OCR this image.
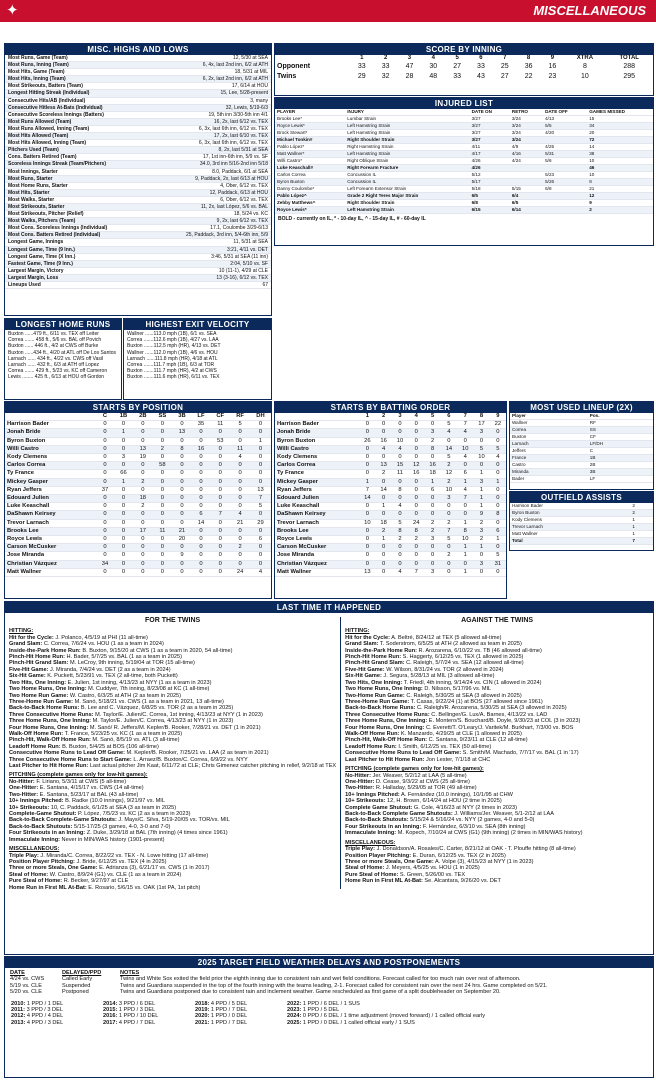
✦	MISCELLANEOUS
MISC. HIGHS AND LOWS
Most Runs, Game (Team)	12, 5/30 at SEA
Most Runs, Inning (Team)	6, 4x, last 2nd inn, 6/2 at ATH
Most Hits, Game (Team)	18, 5/31 at MIL
Most Hits, Inning (Team)	6, 2x, last 2nd inn, 6/2 at ATH
Most Strikeouts, Batters (Team)	17, 6/14 at HOU
Longest Hitting Streak (Individual)	15, Lee, 5/28-present
Consecutive Hits/AB (Individual)	3, many
Consecutive Hitless At-Bats (Individual)	32, Lewis, 5/19-6/3
Consecutive Scoreless Innings (Batters)	19, 5th inn 3/30-5th inn 4/1
Most Runs Allowed (Team)	16, 2x, last 6/12 vs. TEX
Most Runs Allowed, Inning (Team)	6, 3x, last 6th inn, 6/12 vs. TEX
Most Hits Allowed (Team)	17, 2x, last 6/10 vs. TEX
Most Hits Allowed, Inning (Team)	6, 3x, last 6th inn, 6/12 vs. TEX
Pitchers Used (Team)	8, 2x, last 5/31 at SEA
Cons. Batters Retired (Team)	17, 1st inn-6th inn, 5/9 vs. SF
Scoreless Innings Streak (Team/Pitchers)	34.0, 3rd inn 5/16-2nd inn 5/18
Most Innings, Starter	8.0, Paddack, 6/1 at SEA
Most Runs, Starter	9, Paddack, 2x, last 6/13 at HOU
Most Home Runs, Starter	4, Ober, 6/12 vs. TEX
Most Hits, Starter	12, Paddack, 6/13 at HOU
Most Walks, Starter	6, Ober, 6/12 vs. TEX
Most Strikeouts, Starter	11, 2x, last López, 5/6 vs. BAL
Most Strikeouts, Pitcher (Relief)	18, 5/24 vs. KC
Most Walks, Pitchers (Team)	9, 2x, last 6/12 vs. TEX
Most Cons. Scoreless Innings (Individual)	17.1, Coulombe 3/29-6/13
Most Cons. Batters Retired (Individual)	25, Paddack, 3rd inn, 5/4-6th inn, 5/9
Longest Game, Innings	11, 5/31 at SEA
Longest Game, Time (9 Inn.)	3:21, 4/11 vs. DET
Longest Game, Time (X Inn.)	3:46, 5/31 at SEA (11 inn)
Fastest Game, Time (9 Inn.)	2:04, 5/10 vs. SF
Largest Margin, Victory	10 (11-1), 4/29 at CLE
Largest Margin, Loss	13 (3-16), 6/12 vs. TEX
Lineups Used	67
SCORE BY INNING
	1	2	3	4	5	6	7	8	9	XTRA	TOTAL
Opponent	33	33	47	30	27	33	25	36	16	8	288
Twins	29	32	28	48	33	43	27	22	23	10	295
INJURED LIST
PLAYER	INJURY	DATE ON	RETRO	DATE OFF	GAMES MISSED
Brooks Lee*	Lumbar Strain	3/27	3/24	4/13	15
Royce Lewis*	Left Hamstring Strain	3/27	3/24	5/5	34
Brock Stewart*	Left Hamstring Strain	3/27	3/24	4/20	20
Michael Tonkin#	Right Shoulder Strain	3/27	3/24		72
Pablo López*	Right Hamstring Strain	4/11	4/9	4/25	14
Matt Wallner*	Left Hamstring Strain	4/17	4/16	5/31	38
Willi Castro*	Right Oblique Strain	4/26	4/24	5/6	10
Luke Keaschall#	Right Forearm Fracture	4/26			46
Carlos Correa	Concussion IL	5/12		5/23	10
Byron Buxton	Concussion IL	5/17		5/26	8
Danny Coulombe*	Left Forearm Extensor Strain	5/18	5/15	6/8	21
Pablo López^	Grade 2 Right Teres Major Strain	6/5	6/4		12
Zebby Matthews^	Right Shoulder Strain	6/8	6/5		9
Royce Lewis*	Left Hamstring Strain	6/15	6/14		2
BOLD - currently on IL, * - 10-day IL, ^ - 15-day IL, # - 60-day IL
LONGEST HOME RUNS
Buxton ......479 ft., 6/11 vs. TEX off Leiter
Correa ....... 458 ft., 5/6 vs. BAL off Povich
Buxton ...... 446 ft., 4/2 at CWS off Burke
Buxton ......434 ft., 4/20 at ATL off De Los Santos
Larnach ...... 434 ft., 4/22 vs. CWS off Vasil
Larnach ...... 432 ft., 6/3 at ATH off Lopez
Correa ....... 429 ft., 5/23 vs. KC off Cameron
Lewis ........ 425 ft., 6/13 at HOU off Gordon
HIGHEST EXIT VELOCITY
Wallner ......113.0 mph (1B), 6/1 vs. SEA
Correa .......112.6 mph (1B), 4/27 vs. LAA
Buxton .......112.5 mph (HR), 4/13 vs. DET
Wallner ......112.0 mph (1B), 4/6 vs. HOU
Larnach ......111.8 mph (HR), 4/18 at ATL
Correa .......111.7 mph (1B), 6/3 at TOR
Buxton .......111.7 mph (HR), 4/2 at CWS
Buxton .......111.6 mph (HR), 6/11 vs. TEX
STARTS BY POSITION
	C	1B	2B	SS	3B	LF	CF	RF	DH
Harrison Bader	0	0	0	0	0	35	11	5	0
Jonah Bride	0	1	0	0	13	0	0	0	0
Byron Buxton	0	0	0	0	0	0	53	0	1
Willi Castro	0	0	13	2	8	16	0	11	0
Kody Clemens	0	3	19	0	0	0	0	4	0
Carlos Correa	0	0	0	58	0	0	0	0	0
Ty France	0	66	0	0	0	0	0	0	0
Mickey Gasper	0	1	2	0	0	0	0	0	0
Ryan Jeffers	37	0	0	0	0	0	0	0	13
Edouard Julien	0	0	18	0	0	0	0	0	7
Luke Keaschall	0	0	2	0	0	0	0	0	5
DaShawn Keirsey	0	0	0	0	0	6	7	4	0
Trevor Larnach	0	0	0	0	0	14	0	21	29
Brooks Lee	0	0	17	11	21	0	0	0	0
Royce Lewis	0	0	0	0	20	0	0	0	6
Carson McCusker	0	0	0	0	0	0	0	2	0
Jose Miranda	0	0	0	0	9	0	0	0	0
Christian Vázquez	34	0	0	0	0	0	0	0	0
Matt Wallner	0	0	0	0	0	0	0	24	4
STARTS BY BATTING ORDER
	1	2	3	4	5	6	7	8	9
Harrison Bader	0	0	0	0	0	5	7	17	22
Jonah Bride	0	0	0	0	3	4	4	3	0
Byron Buxton	26	16	10	0	2	0	0	0	0
Willi Castro	0	4	4	0	8	14	10	5	5
Kody Clemens	0	0	0	0	0	5	4	10	4
Carlos Correa	0	13	15	12	16	2	0	0	0
Ty France	0	2	11	16	18	12	6	1	0
Mickey Gasper	1	0	0	0	1	2	1	3	1
Ryan Jeffers	7	14	8	0	6	10	4	1	0
Edouard Julien	14	0	0	0	0	3	7	1	0
Luke Keaschall	0	1	4	0	0	0	0	1	0
DaShawn Keirsey	0	0	0	0	0	0	0	9	8
Trevor Larnach	10	18	5	24	2	2	1	2	0
Brooks Lee	0	2	8	8	2	7	8	3	6
Royce Lewis	0	1	2	2	3	5	10	2	1
Carson McCusker	0	0	0	0	0	0	1	1	0
Jose Miranda	0	0	0	0	0	2	1	0	5
Christian Vázquez	0	0	0	0	0	0	0	3	31
Matt Wallner	13	0	4	7	3	0	1	0	0
MOST USED LINEUP (2X)
Player	Pos.
Wallner	RF
Correa	SS
Buxton	CF
Larnach	LF/DH
Jeffers	C
France	1B
Castro	2B
Miranda	3B
Bader	LF
OUTFIELD ASSISTS
Harrison Bader	2
Byron Buxton	2
Kody Clemens	1
Trevor Larnach	1
Matt Wallner	1
Total	7
LAST TIME IT HAPPENED
FOR THE TWINS
HITTING:
Hit for the Cycle: J. Polanco, 4/5/19 at PHI (11 all-time)
Grand Slam: C. Correa, 7/6/24 vs. HOU (1 as a team in 2024)
Inside-the-Park Home Run: B. Buxton, 9/15/20 at CWS (1 as a team in 2020, 54 all-time)
Pinch-Hit Home Run: H. Bader, 5/7/25 vs. BAL (1 as a team in 2025)
Pinch-Hit Grand Slam: M. LeCroy, 9th inning, 5/19/04 at TOR (15 all-time)
Five-Hit Game: J. Miranda, 7/4/24 vs. DET (2 as a team in 2024)
Six-Hit Game: K. Puckett, 5/23/91 vs. TEX (2 all-time, both Puckett)
Two Hits, One Inning: E. Julien, 1st inning, 4/13/23 at NYY (1 as a team in 2023)
Two Home Runs, One Inning: M. Cuddyer, 7th inning, 8/23/08 at KC (1 all-time)
Two Home Run Game: W. Castro, 6/3/25 at ATH (2 as team in 2025)
Three-Home Run Game: M. Sanó, 5/18/21 vs. CWS (1 as a team in 2021, 13 all-time)
Back-to-Back Home Runs: B. Lee and C. Vázquez, 6/8/25 vs. TOR (2 as a team in 2025)
Three Consecutive Home Runs: M. Taylor/E. Julien/C. Correa, 1st inning, 4/13/23 at NYY (1 in 2023)
Three Home Runs, One Inning: M. Taylor/E. Julien/C. Correa, 4/13/23 at NYY (1 in 2023)
Four Home Runs, One Inning: M. Sanó/ R. Jeffers/M. Kepler/B. Rooker, 7/28/21 vs. DET (1 in 2021)
Walk-Off Home Run: T. France, 5/23/25 vs. KC (1 as a team in 2025)
Pinch-Hit, Walk-Off Home Run: M. Sanó, 8/5/19 vs. ATL (3 all-time)
Leadoff Home Run: B. Buxton, 5/4/25 at BOS (106 all-time)
Consecutive Home Runs to Lead Off Game: M. Kepler/B. Rooker, 7/25/21 vs. LAA (2 as team in 2021)
Three Consecutive Home Runs to Start Game: L. Arraez/B. Buxton/C. Correa, 6/9/22 vs. NYY
Last Pitcher to Hit Home Run: Last actual pitcher Jim Kaat, 6/11/72 at CLE; Chris Gimenez catcher pitching in relief, 9/2/18 at TEX
PITCHING (complete games only for low-hit games):
No-Hitter: F. Liriano, 5/3/11 at CWS (5 all-time)
One-Hitter: E. Santana, 4/15/17 vs. CWS (14 all-time)
Two-Hitter: E. Santana, 5/23/17 at BAL (43 all-time)
10+ Innings Pitched: B. Radke (10.0 innings), 9/21/97 vs. MIL
10+ Strikeouts: 10, C. Paddack, 6/1/25 at SEA (3 as team in 2025)
Complete-Game Shutout: P. López, 7/5/23 vs. KC (2 as a team in 2023)
Back-to-Back Complete-Game Shutouts: J. Mays/C. Silva, 5/19-20/05 vs. TOR/vs. MIL
Back-to-Back Shutouts: 5/15-17/25 (3 games, 4-0, 3-0 and 7-0)
Four Strikeouts in an Inning: Z. Duke, 3/29/18 at BAL (7th inning) (4 times since 1961)
Immaculate Inning: Never in MIN/WAS history (1901-present)
MISCELLANEOUS:
Triple Play: J. Miranda/C. Correa, 8/22/22 vs. TEX - N. Lowe hitting (17 all-time)
Position Player Pitching: J. Bride, 6/12/25 vs. TEX (4 in 2025)
Three or more Steals, One Game: E. Adrianza (3), 6/21/17 vs. CWS (1 in 2017)
Steal of Home: W. Castro, 8/9/24 (G1) vs. CLE (1 as a team in 2024)
Pure Steal of Home: R. Becker, 9/27/97 at CLE
Home Run in First ML At-Bat: E. Rosario, 5/6/15 vs. OAK (1st PA, 1st pitch)
AGAINST THE TWINS
HITTING:
Hit for the Cycle: A. Beltré, 8/24/12 at TEX (5 allowed all-time)
Grand Slam: T. Soderstrom, 6/5/25 at ATH (2 allowed as team in 2025)
Inside-the-Park Home Run: R. Arozarena, 6/10/22 vs. TB (46 allowed all-time)
Pinch-Hit Home Run: S. Haggerty, 6/12/25 vs. TEX (1 allowed in 2025)
Pinch-Hit Grand Slam: C. Raleigh, 5/7/24 vs. SEA (12 allowed all-time)
Five-Hit Game: W. Wilson, 8/31/24 vs. TOR (2 allowed in 2024)
Six-Hit Game: J. Segura, 5/28/13 at MIL (3 allowed all-time)
Two Hits, One Inning: T. Friedl, 4th inning, 9/14/24 vs. CIN (1 allowed in 2024)
Two Home Runs, One Inning: D. Nilsson, 5/17/96 vs. MIL
Two-Home Run Game: C. Raleigh, 5/30/25 at SEA (3 allowed in 2025)
Three-Home Run Game: T. Casas, 9/22/24 (1) at BOS (27 allowed since 1961)
Back-to-Back Home Runs: C. Raleigh/R. Arozarena, 5/30/25 at SEA (3 allowed in 2025)
Three Consecutive Home Runs: C. Bellinger/G. Lux/A. Barnes, 4/13/22 vs. LAD
Three Home Runs, One Inning: E. Montero/S. Bouchard/B. Doyle, 9/30/23 at COL (3 in 2023)
Four Home Runs, One Inning: C. Everett/T. O'Leary/J. Varitek/M. Burkhart, 7/3/00 vs. BOS
Walk-Off Home Run: K. Manzardo, 4/29/25 at CLE (1 allowed in 2025)
Pinch-Hit, Walk-Off Home Run: C. Santana, 9/23/11 at CLE (12 all-time)
Leadoff Home Run: I. Smith, 6/12/25 vs. TEX (50 all-time)
Consecutive Home Runs to Lead Off Game: S. Smith/M. Machado, 7/7/17 vs. BAL (1 in '17)
Last Pitcher to Hit Home Run: Jon Lester, 7/1/18 at CHC
PITCHING (complete games only for low-hit games):
No-Hitter: Jer. Weaver, 5/2/12 at LAA (5 all-time)
One-Hitter: D. Cease, 9/3/22 at CWS (25 all-time)
Two-Hitter: R. Halladay, 5/29/05 at TOR (49 all-time)
10+ Innings Pitched: A. Fernández (10.0 innings), 10/1/95 at CHW
10+ Strikeouts: 12, H. Brown, 6/14/24 at HOU (2 time in 2025)
Complete Game Shutout: G. Cole, 4/16/23 at NYY (2 times in 2023)
Back-to-Back Complete Game Shutouts: J. Williams/Jer. Weaver, 5/1-2/12 at LAA
Back-to-Back Shutouts: 5/15/24 & 5/16/24 vs. NYY (2 games, 4-0 and 5-0)
Four Strikeouts in an Inning: F. Hernández, 6/3/10 vs. SEA (8th inning)
Immaculate Inning: M. Kopech, 7/10/24 at CWS (G1) (9th inning) (2 times in MIN/WAS history)
MISCELLANEOUS:
Triple Play: J. Donaldson/A. Rosales/C. Carter, 8/21/12 at OAK - T. Plouffe hitting (8 all-time)
Position Player Pitching: E. Duran, 6/12/25 vs. TEX (2 in 2025)
Three or more Steals, One Game: A. Volpe (3), 4/15/23 at NYY (1 in 2023)
Steal of Home: J. Meyers, 4/5/25 vs. HOU (1 in 2025)
Pure Steal of Home: S. Green, 5/26/00 vs. TEX
Home Run in First ML At-Bat: Se. Alcantara, 9/26/20 vs. DET
2025 TARGET FIELD WEATHER DELAYS AND POSTPONEMENTS
DATE	DELAYED/PPD	NOTES
4/24 vs. CWS	Called Early	Twins and White Sox exited the field prior the eighth inning due to consistent rain and wet field conditions. Forecast called for too much rain over rest of afternoon.
5/19 vs. CLE	Suspended	Twins and Guardians suspended in the top of the fourth inning with the teams leading, 2-1. Forecast called for consistent rain over the next 24 hrs. Game completed on 5/21.
5/20 vs. CLE	Postponed	Twins and Guardians postponed due to consistent rain and inclement weather. Game rescheduled as first game of a split doubleheader on September 20.
2010: 1 PPD / 1 DEL
2011: 3 PPD / 3 DEL
2012: 4 PPD / 4 DEL
2013: 4 PPD / 3 DEL
2014: 3 PPD / 6 DEL
2015: 1 PPD / 3 DEL
2016: 1 PPD / 10 DEL
2017: 4 PPD / 7 DEL
2018: 4 PPD / 5 DEL
2019: 1 PPD / 7 DEL
2020: 1 PPD / 0 DEL
2021: 1 PPD / 7 DEL
2022: 1 PPD / 6 DEL / 1 SUS
2023: 1 PPD / 5 DEL
2024: 0 PPD / 6 DEL / 1 time adjustment (moved forward) / 1 called official early
2025: 1 PPD / 0 DEL / 1 called official early / 1 SUS
